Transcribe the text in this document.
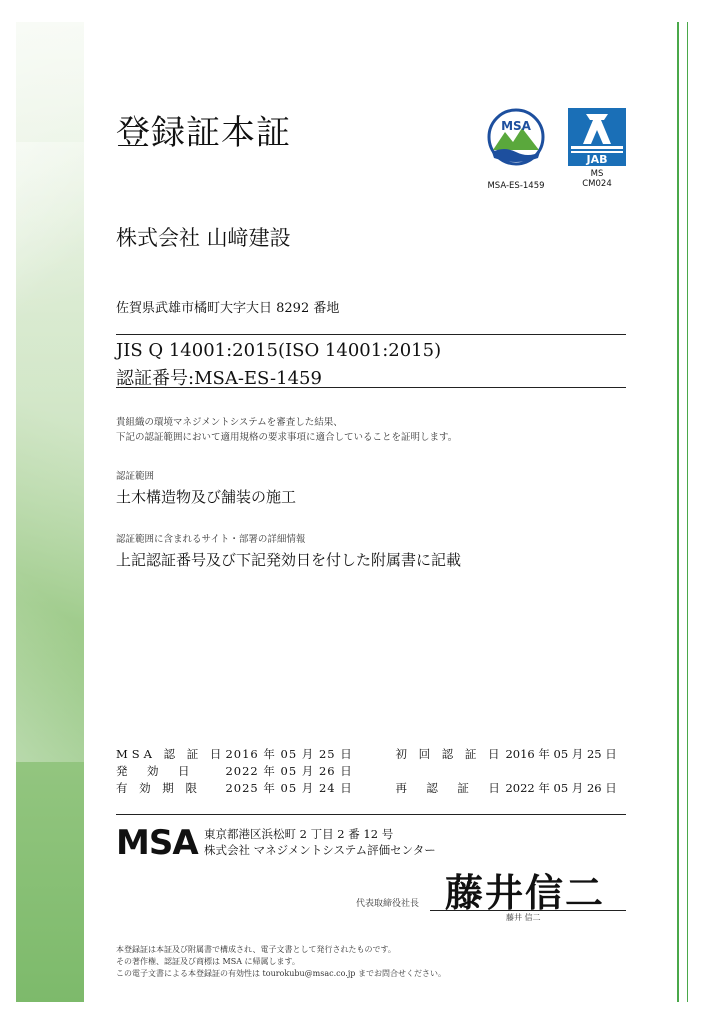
登録証本証	MSA
JAB
MSA-ES-1459
MS
CM024
株式会社 山﨑建設
佐賀県武雄市橘町大字大日 8292 番地
JIS Q 14001:2015(ISO 14001:2015)
認証番号:MSA-ES-1459
貴組織の環境マネジメントシステムを審査した結果、
下記の認証範囲において適用規格の要求事項に適合していることを証明します。
認証範囲
土木構造物及び舗装の施工
認証範囲に含まれるサイト・部署の詳細情報
上記認証番号及び下記発効日を付した附属書に記載
MSA 認 証 日	2016 年 05 月 25 日	初 回 認 証 日	2016 年 05 月 25 日
発　効　日	2022 年 05 月 26 日		
有 効 期 限	2025 年 05 月 24 日	再　認　証　日	2022 年 05 月 26 日
MSA 東京都港区浜松町 2 丁目 2 番 12 号
株式会社 マネジメントシステム評価センター
代表取締役社長 藤井信二
藤井 信二
本登録証は本証及び附属書で構成され、電子文書として発行されたものです。
その著作権、認証及び商標は MSA に帰属します。
この電子文書による本登録証の有効性は tourokubu@msac.co.jp までお問合せください。
